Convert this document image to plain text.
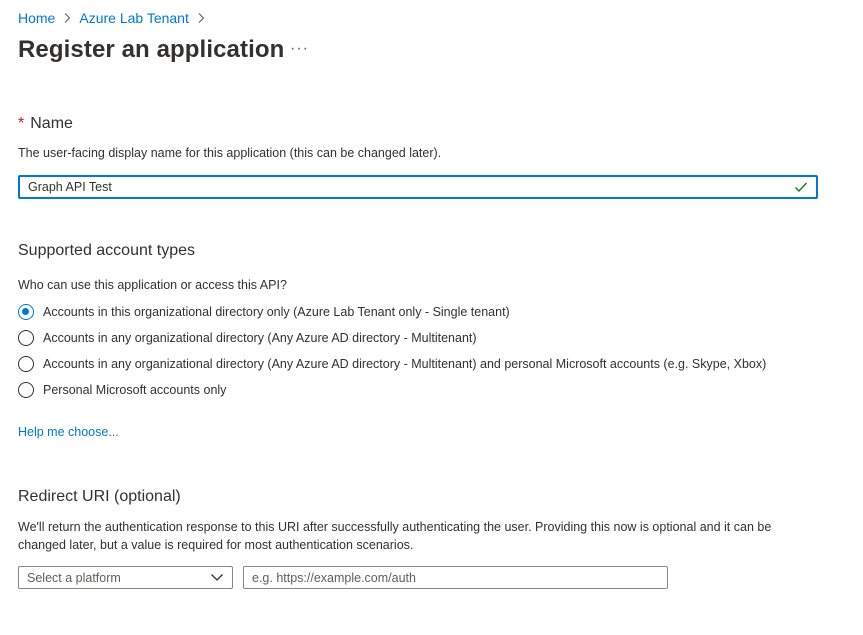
Home Azure Lab Tenant
Register an application ···
* Name
The user-facing display name for this application (this can be changed later).
Graph API Test
Supported account types
Who can use this application or access this API?
Accounts in this organizational directory only (Azure Lab Tenant only - Single tenant)
Accounts in any organizational directory (Any Azure AD directory - Multitenant)
Accounts in any organizational directory (Any Azure AD directory - Multitenant) and personal Microsoft accounts (e.g. Skype, Xbox)
Personal Microsoft accounts only
Help me choose...
Redirect URI (optional)
We'll return the authentication response to this URI after successfully authenticating the user. Providing this now is optional and it can be
changed later, but a value is required for most authentication scenarios.
Select a platform
e.g. https://example.com/auth
